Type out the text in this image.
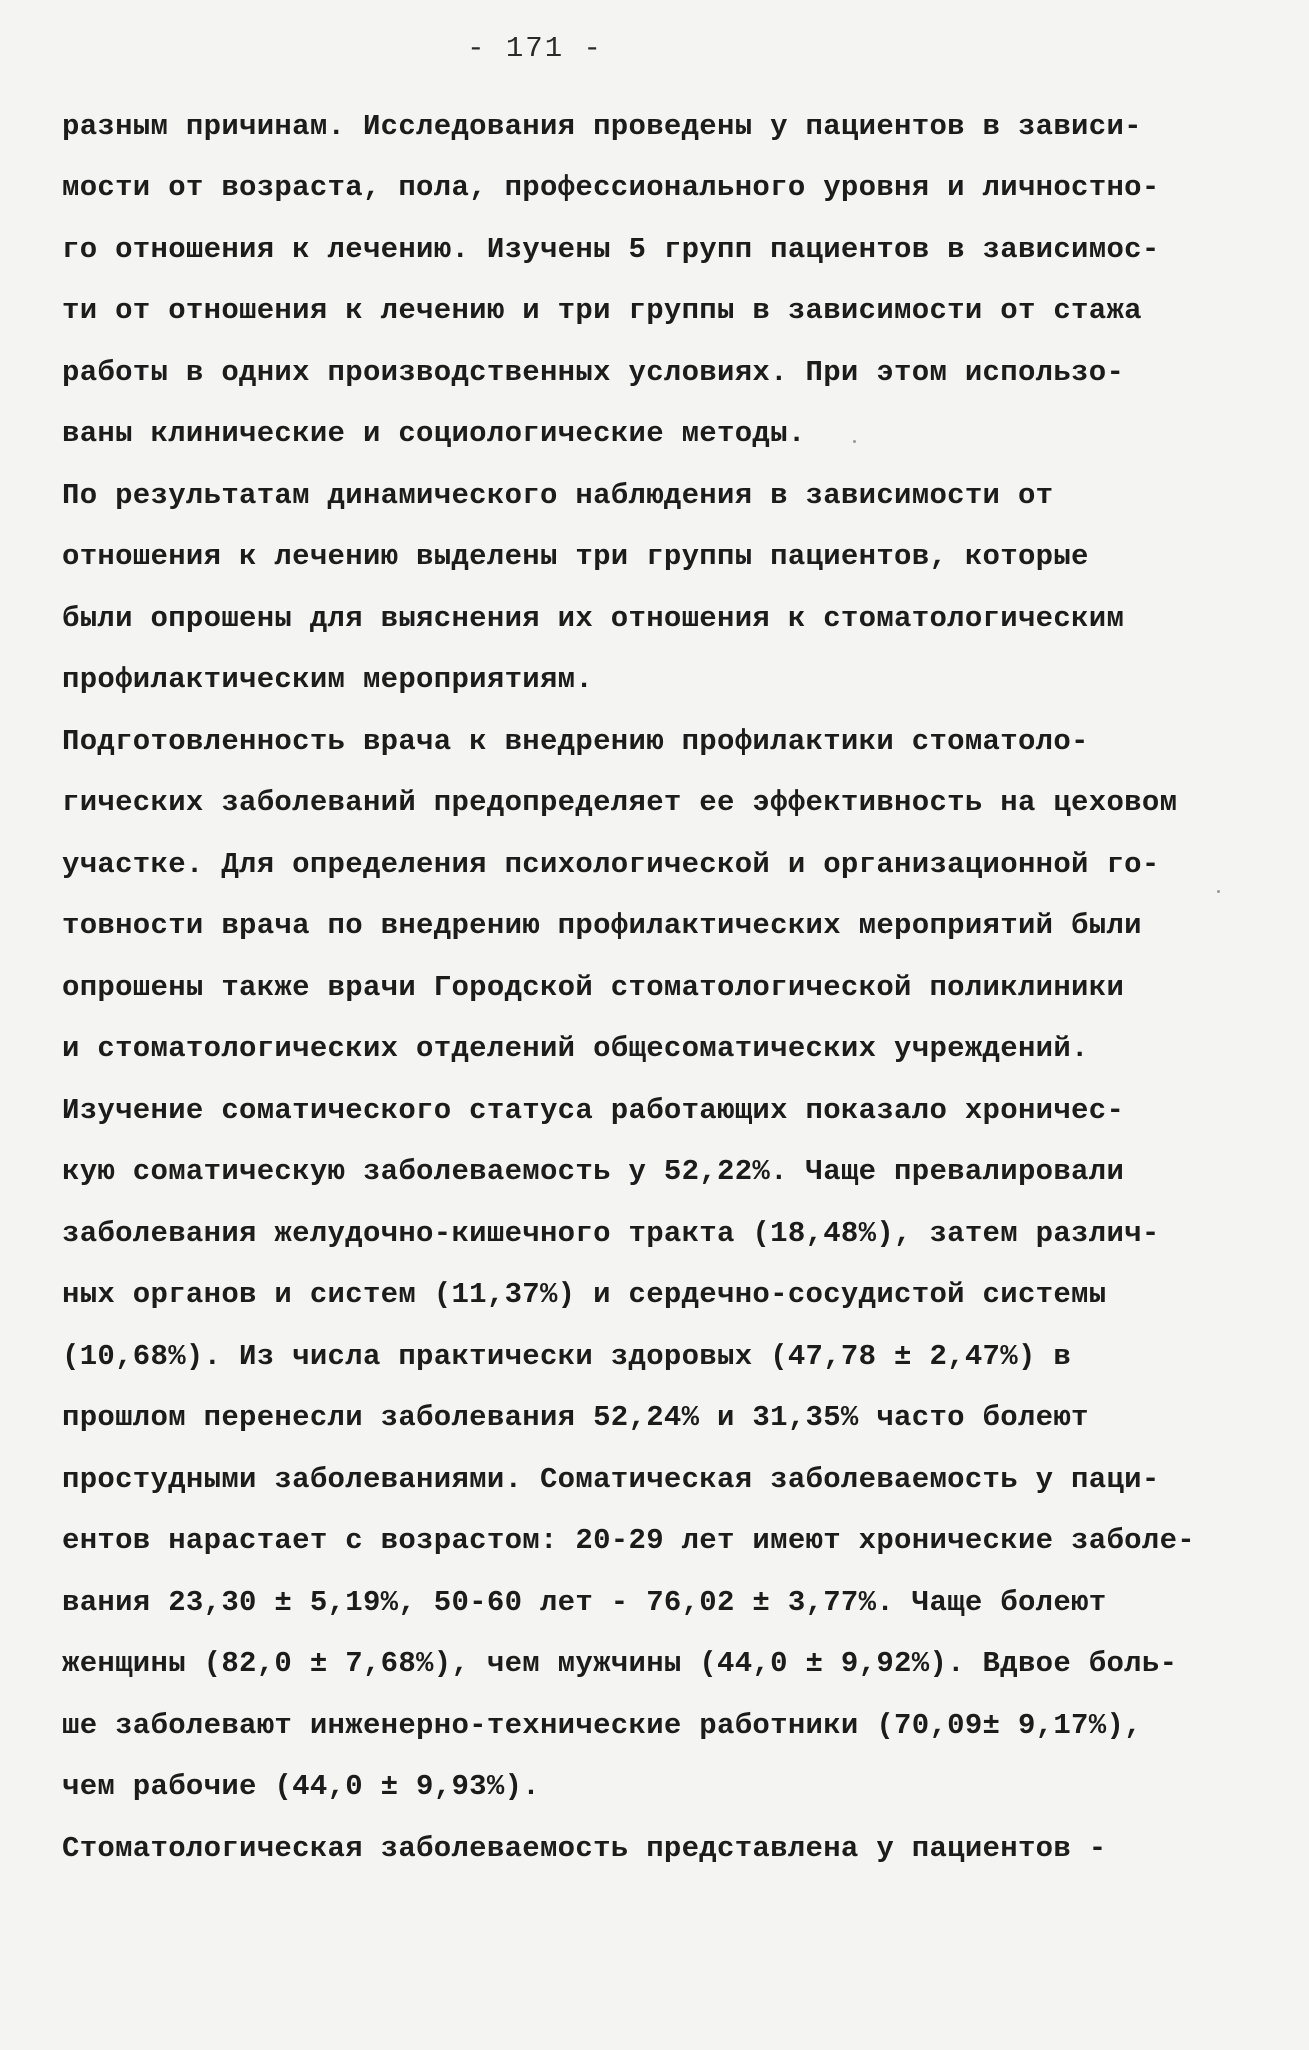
- 171 -
разным причинам. Исследования проведены у пациентов в зависи-
мости от возраста, пола, профессионального уровня и личностно-
го отношения к лечению. Изучены 5 групп пациентов в зависимос-
ти от отношения к лечению и три группы в зависимости от стажа
работы в одних производственных условиях. При этом использо-
ваны клинические и социологические методы.
По результатам динамического наблюдения в зависимости от
отношения к лечению выделены три группы пациентов, которые
были опрошены для выяснения их отношения к стоматологическим
профилактическим мероприятиям.
Подготовленность врача к внедрению профилактики стоматоло-
гических заболеваний предопределяет ее эффективность на цеховом
участке. Для определения психологической и организационной го-
товности врача по внедрению профилактических мероприятий были
опрошены также врачи Городской стоматологической поликлиники
и стоматологических отделений общесоматических учреждений.
Изучение соматического статуса работающих показало хроничес-
кую соматическую заболеваемость у 52,22%. Чаще превалировали
заболевания желудочно-кишечного тракта (18,48%), затем различ-
ных органов и систем (11,37%) и сердечно-сосудистой системы
(10,68%). Из числа практически здоровых (47,78 ± 2,47%) в
прошлом перенесли заболевания 52,24% и 31,35% часто болеют
простудными заболеваниями. Соматическая заболеваемость у паци-
ентов нарастает с возрастом: 20-29 лет имеют хронические заболе-
вания 23,30 ± 5,19%, 50-60 лет - 76,02 ± 3,77%. Чаще болеют
женщины (82,0 ± 7,68%), чем мужчины (44,0 ± 9,92%). Вдвое боль-
ше заболевают инженерно-технические работники (70,09± 9,17%),
чем рабочие (44,0 ± 9,93%).
Стоматологическая заболеваемость представлена у пациентов -
